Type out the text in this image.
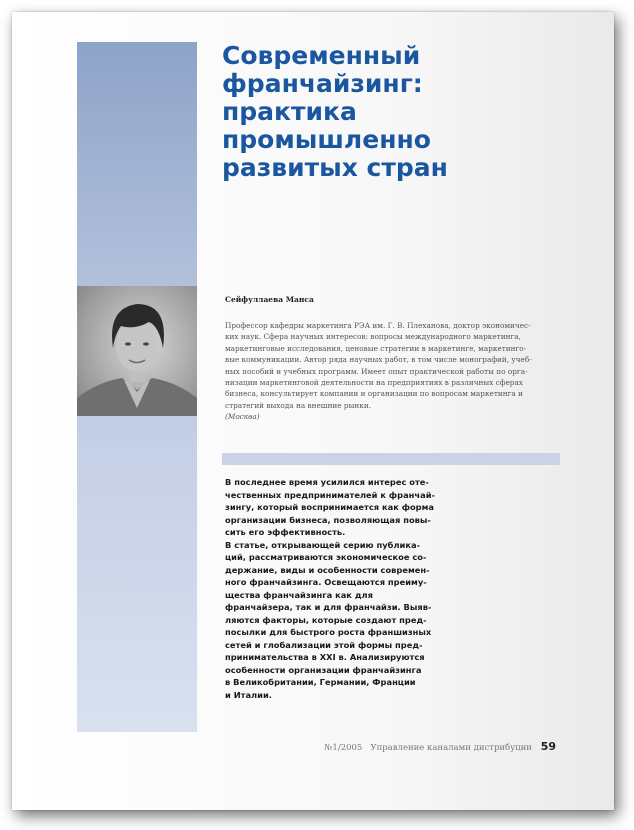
Современный
франчайзинг:
практика
промышленно
развитых стран
Сейфуллаева Манса
Профессор кафедры маркетинга РЭА им. Г. В. Плеханова, доктор экономичес-
ких наук. Сфера научных интересов: вопросы международного маркетинга,
маркетинговые исследования, ценовые стратегии в маркетинге, маркетинго-
вые коммуникации. Автор ряда научных работ, в том числе монографий, учеб-
ных пособий и учебных программ. Имеет опыт практической работы по орга-
низации маркетинговой деятельности на предприятиях в различных сферах
бизнеса, консультирует компании и организации по вопросам маркетинга и
стратегий выхода на внешние рынки.
(Москва)
В последнее время усилился интерес оте-
чественных предпринимателей к франчай-
зингу, который воспринимается как форма
организации бизнеса, позволяющая повы-
сить его эффективность.
В статье, открывающей серию публика-
ций, рассматриваются экономическое со-
держание, виды и особенности современ-
ного франчайзинга. Освещаются преиму-
щества франчайзинга как для
франчайзера, так и для франчайзи. Выяв-
ляются факторы, которые создают пред-
посылки для быстрого роста франшизных
сетей и глобализации этой формы пред-
принимательства в XXI в. Анализируются
особенности организации франчайзинга
в Великобритании, Германии, Франции
и Италии.
№1/2005 Управление каналами дистрибуции 59
